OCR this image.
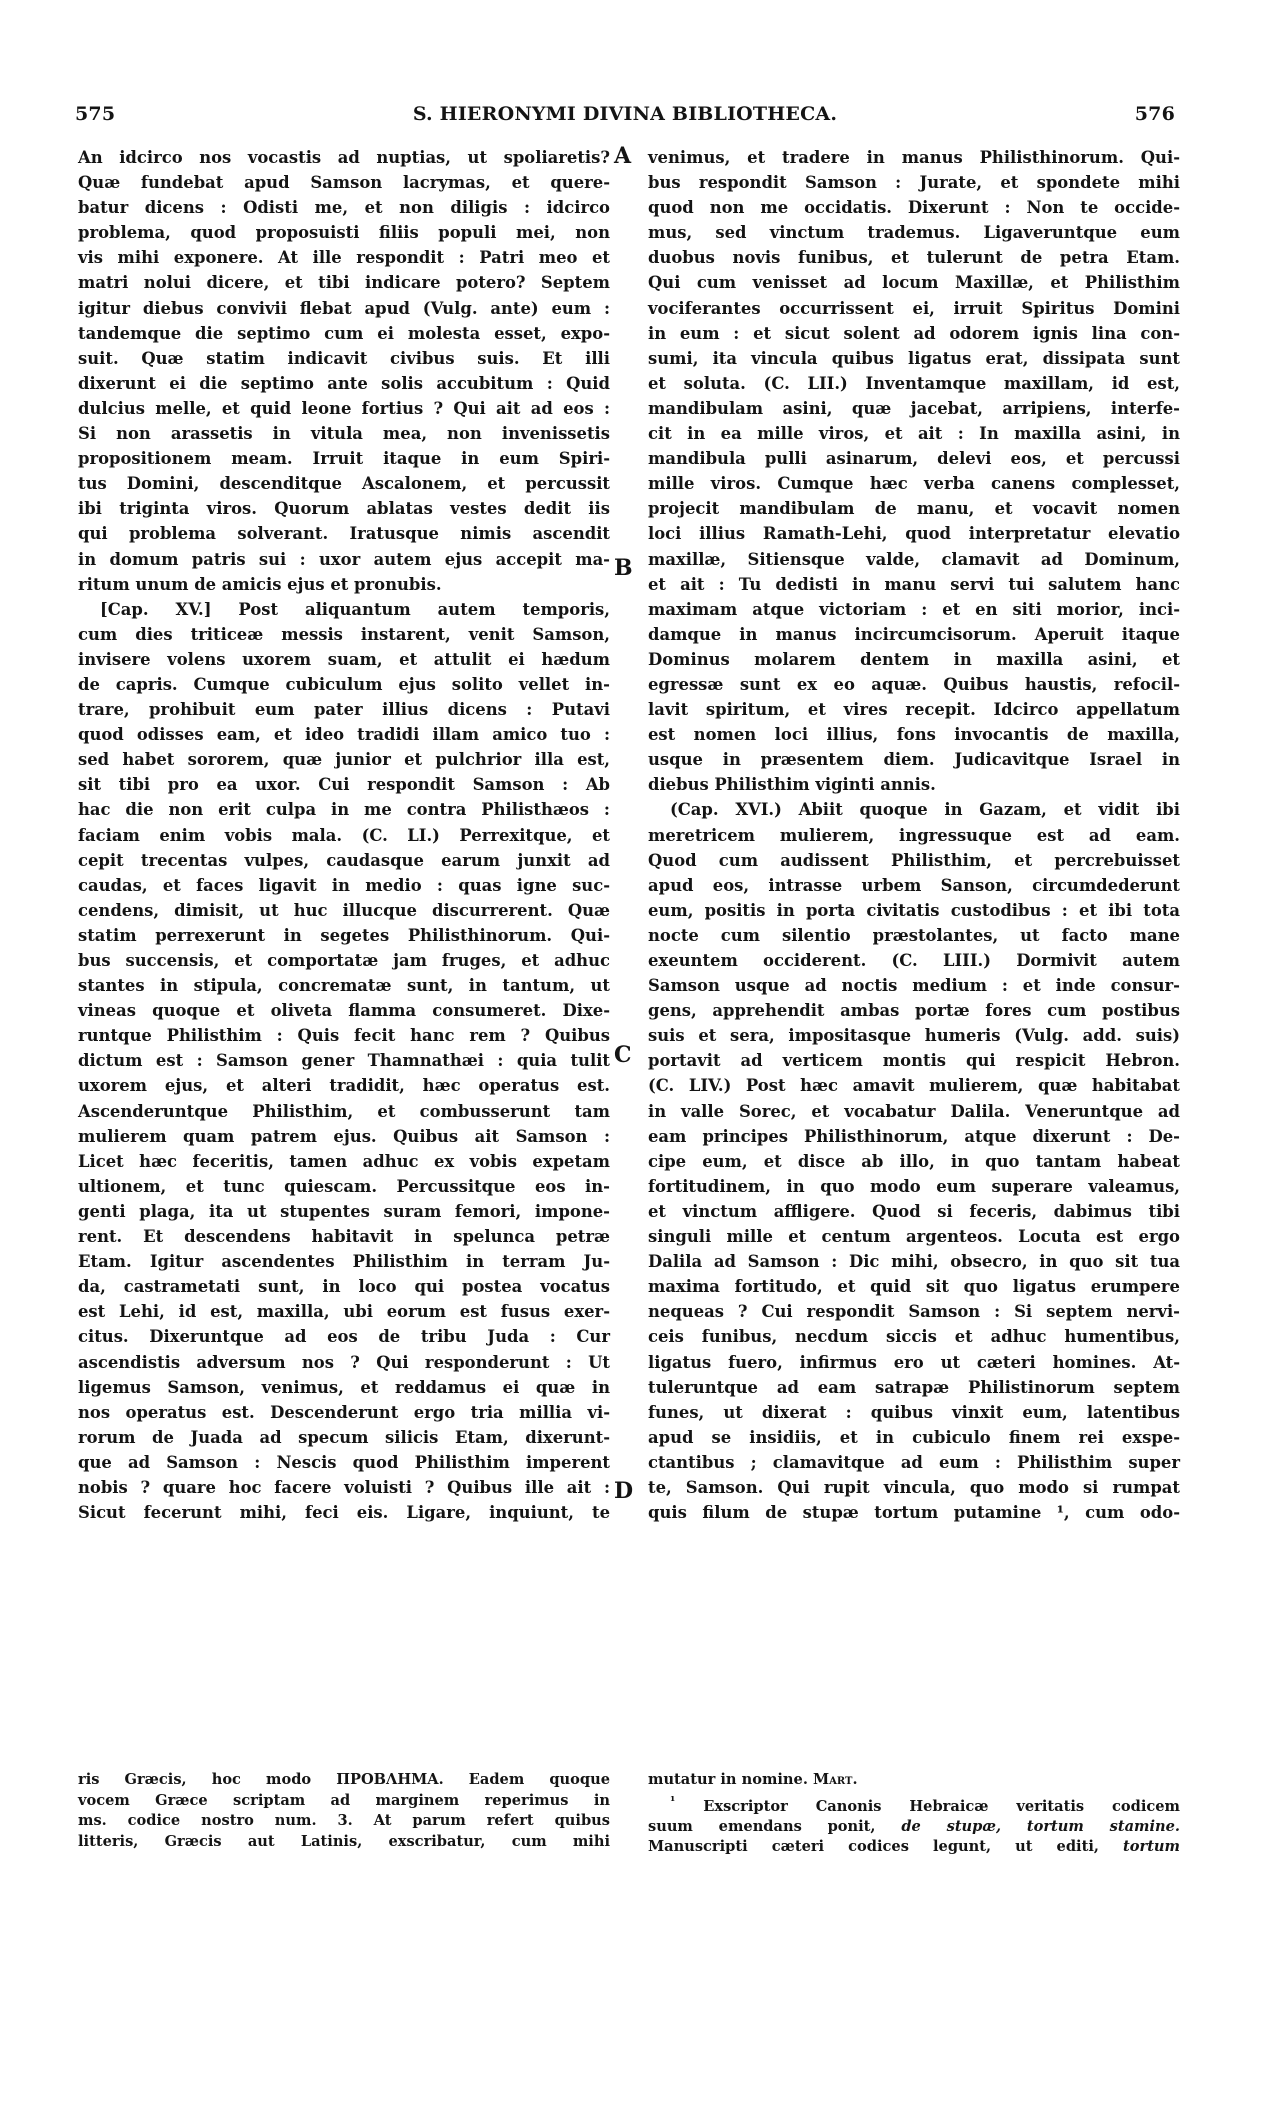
575	S. HIERONYMI DIVINA BIBLIOTHECA.	576
A
B
C
D
An idcirco nos vocastis ad nuptias, ut spoliaretis?
Quæ fundebat apud Samson lacrymas, et quere-
batur dicens : Odisti me, et non diligis : idcirco
problema, quod proposuisti filiis populi mei, non
vis mihi exponere. At ille respondit : Patri meo et
matri nolui dicere, et tibi indicare potero? Septem
igitur diebus convivii flebat apud (Vulg. ante) eum :
tandemque die septimo cum ei molesta esset, expo-
suit. Quæ statim indicavit civibus suis. Et illi
dixerunt ei die septimo ante solis accubitum : Quid
dulcius melle, et quid leone fortius ? Qui ait ad eos :
Si non arassetis in vitula mea, non invenissetis
propositionem meam. Irruit itaque in eum Spiri-
tus Domini, descenditque Ascalonem, et percussit
ibi triginta viros. Quorum ablatas vestes dedit iis
qui problema solverant. Iratusque nimis ascendit
in domum patris sui : uxor autem ejus accepit ma-
ritum unum de amicis ejus et pronubis.
[Cap. XV.] Post aliquantum autem temporis,
cum dies triticeæ messis instarent, venit Samson,
invisere volens uxorem suam, et attulit ei hædum
de capris. Cumque cubiculum ejus solito vellet in-
trare, prohibuit eum pater illius dicens : Putavi
quod odisses eam, et ideo tradidi illam amico tuo :
sed habet sororem, quæ junior et pulchrior illa est,
sit tibi pro ea uxor. Cui respondit Samson : Ab
hac die non erit culpa in me contra Philisthæos :
faciam enim vobis mala. (C. LI.) Perrexitque, et
cepit trecentas vulpes, caudasque earum junxit ad
caudas, et faces ligavit in medio : quas igne suc-
cendens, dimisit, ut huc illucque discurrerent. Quæ
statim perrexerunt in segetes Philisthinorum. Qui-
bus succensis, et comportatæ jam fruges, et adhuc
stantes in stipula, concrematæ sunt, in tantum, ut
vineas quoque et oliveta flamma consumeret. Dixe-
runtque Philisthim : Quis fecit hanc rem ? Quibus
dictum est : Samson gener Thamnathæi : quia tulit
uxorem ejus, et alteri tradidit, hæc operatus est.
Ascenderuntque Philisthim, et combusserunt tam
mulierem quam patrem ejus. Quibus ait Samson :
Licet hæc feceritis, tamen adhuc ex vobis expetam
ultionem, et tunc quiescam. Percussitque eos in-
genti plaga, ita ut stupentes suram femori, impone-
rent. Et descendens habitavit in spelunca petræ
Etam. Igitur ascendentes Philisthim in terram Ju-
da, castrametati sunt, in loco qui postea vocatus
est Lehi, id est, maxilla, ubi eorum est fusus exer-
citus. Dixeruntque ad eos de tribu Juda : Cur
ascendistis adversum nos ? Qui responderunt : Ut
ligemus Samson, venimus, et reddamus ei quæ in
nos operatus est. Descenderunt ergo tria millia vi-
rorum de Juada ad specum silicis Etam, dixerunt-
que ad Samson : Nescis quod Philisthim imperent
nobis ? quare hoc facere voluisti ? Quibus ille ait :
Sicut fecerunt mihi, feci eis. Ligare, inquiunt, te
venimus, et tradere in manus Philisthinorum. Qui-
bus respondit Samson : Jurate, et spondete mihi
quod non me occidatis. Dixerunt : Non te occide-
mus, sed vinctum trademus. Ligaveruntque eum
duobus novis funibus, et tulerunt de petra Etam.
Qui cum venisset ad locum Maxillæ, et Philisthim
vociferantes occurrissent ei, irruit Spiritus Domini
in eum : et sicut solent ad odorem ignis lina con-
sumi, ita vincula quibus ligatus erat, dissipata sunt
et soluta. (C. LII.) Inventamque maxillam, id est,
mandibulam asini, quæ jacebat, arripiens, interfe-
cit in ea mille viros, et ait : In maxilla asini, in
mandibula pulli asinarum, delevi eos, et percussi
mille viros. Cumque hæc verba canens complesset,
projecit mandibulam de manu, et vocavit nomen
loci illius Ramath-Lehi, quod interpretatur elevatio
maxillæ, Sitiensque valde, clamavit ad Dominum,
et ait : Tu dedisti in manu servi tui salutem hanc
maximam atque victoriam : et en siti morior, inci-
damque in manus incircumcisorum. Aperuit itaque
Dominus molarem dentem in maxilla asini, et
egressæ sunt ex eo aquæ. Quibus haustis, refocil-
lavit spiritum, et vires recepit. Idcirco appellatum
est nomen loci illius, fons invocantis de maxilla,
usque in præsentem diem. Judicavitque Israel in
diebus Philisthim viginti annis.
(Cap. XVI.) Abiit quoque in Gazam, et vidit ibi
meretricem mulierem, ingressuque est ad eam.
Quod cum audissent Philisthim, et percrebuisset
apud eos, intrasse urbem Sanson, circumdederunt
eum, positis in porta civitatis custodibus : et ibi tota
nocte cum silentio præstolantes, ut facto mane
exeuntem occiderent. (C. LIII.) Dormivit autem
Samson usque ad noctis medium : et inde consur-
gens, apprehendit ambas portæ fores cum postibus
suis et sera, impositasque humeris (Vulg. add. suis)
portavit ad verticem montis qui respicit Hebron.
(C. LIV.) Post hæc amavit mulierem, quæ habitabat
in valle Sorec, et vocabatur Dalila. Veneruntque ad
eam principes Philisthinorum, atque dixerunt : De-
cipe eum, et disce ab illo, in quo tantam habeat
fortitudinem, in quo modo eum superare valeamus,
et vinctum affligere. Quod si feceris, dabimus tibi
singuli mille et centum argenteos. Locuta est ergo
Dalila ad Samson : Dic mihi, obsecro, in quo sit tua
maxima fortitudo, et quid sit quo ligatus erumpere
nequeas ? Cui respondit Samson : Si septem nervi-
ceis funibus, necdum siccis et adhuc humentibus,
ligatus fuero, infirmus ero ut cæteri homines. At-
tuleruntque ad eam satrapæ Philistinorum septem
funes, ut dixerat : quibus vinxit eum, latentibus
apud se insidiis, et in cubiculo finem rei exspe-
ctantibus ; clamavitque ad eum : Philisthim super
te, Samson. Qui rupit vincula, quo modo si rumpat
quis filum de stupæ tortum putamine ¹, cum odo-
ris Græcis, hoc modo ΠΡΟΒΛΗΜΑ. Eadem quoque
vocem Græce scriptam ad marginem reperimus in
ms. codice nostro num. 3. At parum refert quibus
litteris, Græcis aut Latinis, exscribatur, cum mihi
mutatur in nomine. Mart.
$^{^1}$ Exscriptor Canonis Hebraicæ veritatis codicem
suum emendans ponit, de stupæ, tortum stamine.
Manuscripti cæteri codices legunt, ut editi, tortum
